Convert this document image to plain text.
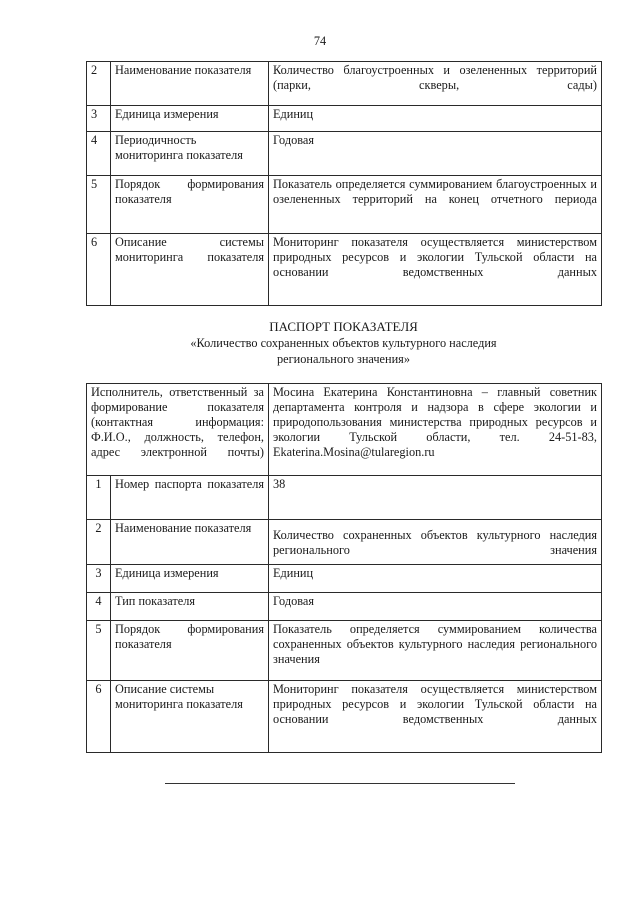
74
2	Наименование показателя	Количество благоустроенных и озелененных территорий (парки, скверы, сады)
3	Единица измерения	Единиц
4	Периодичность мониторинга показателя	Годовая
5	Порядок формирования показателя	Показатель определяется суммированием благоустроенных и озелененных территорий на конец отчетного периода
6	Описание системы мониторинга показателя	Мониторинг показателя осуществляется министерством природных ресурсов и экологии Тульской области на основании ведомственных данных
ПАСПОРТ ПОКАЗАТЕЛЯ
«Количество сохраненных объектов культурного наследия
регионального значения»
Исполнитель, ответственный за формирование показателя (контактная информация: Ф.И.О., должность, телефон, адрес электронной почты)		Мосина Екатерина Константиновна – главный советник департамента контроля и надзора в сфере экологии и природопользования министерства природных ресурсов и экологии Тульской области, тел. 24-51-83, Ekaterina.Mosina@tularegion.ru
1	Номер паспорта показателя	38
2	Наименование показателя	Количество сохраненных объектов культурного наследия регионального значения
3	Единица измерения	Единиц
4	Тип показателя	Годовая
5	Порядок формирования показателя	Показатель определяется суммированием количества сохраненных объектов культурного наследия регионального значения
6	Описание системы мониторинга показателя	Мониторинг показателя осуществляется министерством природных ресурсов и экологии Тульской области на основании ведомственных данных
